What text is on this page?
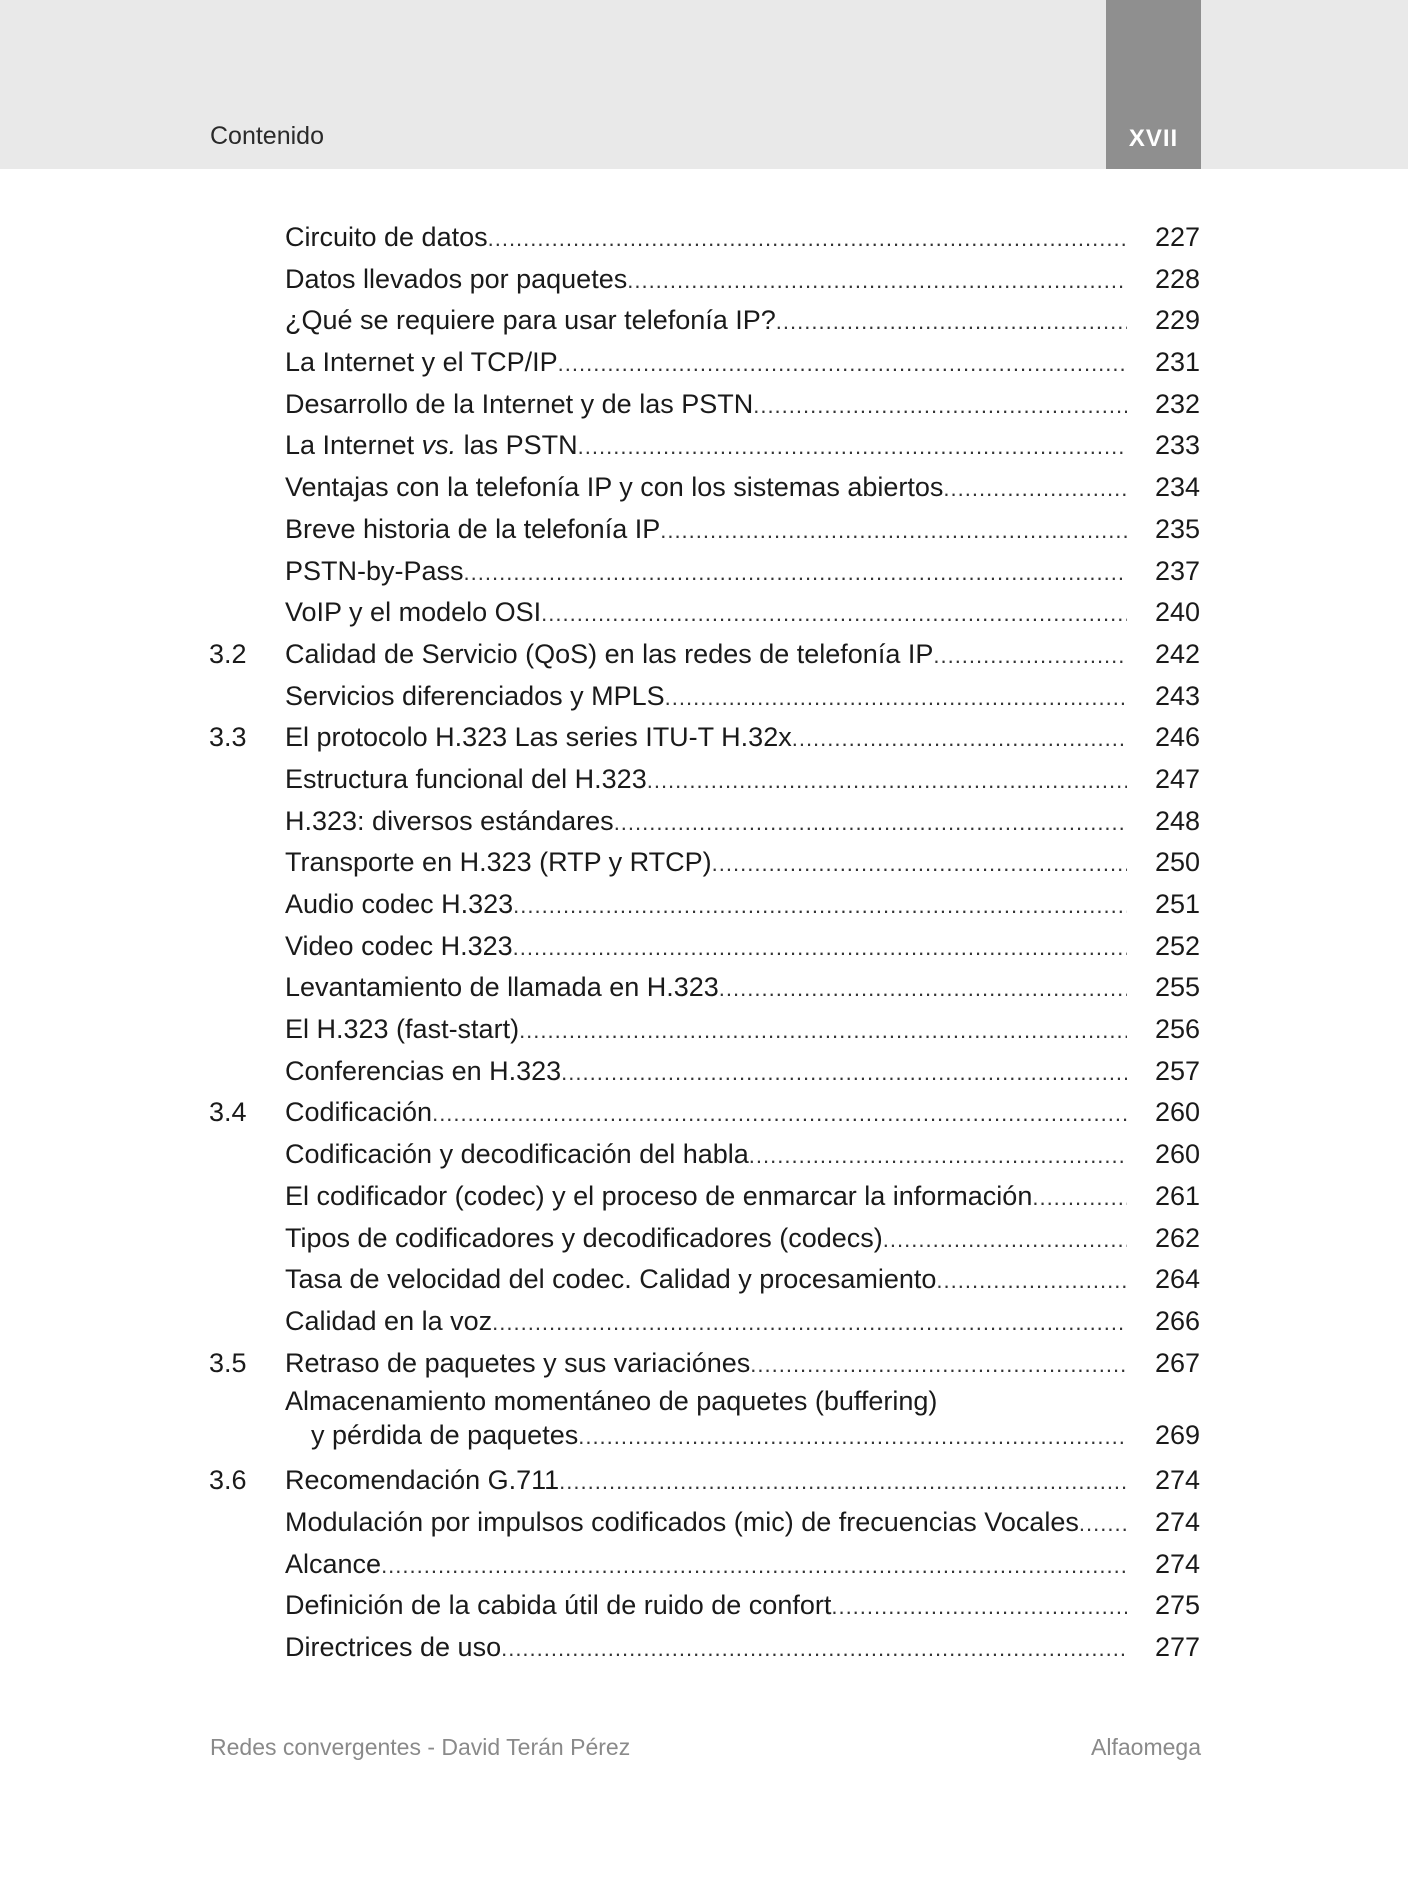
Contenido	XVII
Circuito de datos .....	227
Datos llevados por paquetes .....	228
¿Qué se requiere para usar telefonía IP? .....	229
La Internet y el TCP/IP .....	231
Desarrollo de la Internet y de las PSTN .....	232
La Internet vs. las PSTN .....	233
Ventajas con la telefonía IP y con los sistemas abiertos .....	234
Breve historia de la telefonía IP .....	235
PSTN-by-Pass .....	237
VoIP y el modelo OSI .....	240
3.2 Calidad de Servicio (QoS) en las redes de telefonía IP .....	242
Servicios diferenciados y MPLS .....	243
3.3 El protocolo H.323 Las series ITU-T H.32x .....	246
Estructura funcional del H.323 .....	247
H.323: diversos estándares .....	248
Transporte en H.323 (RTP y RTCP) .....	250
Audio codec H.323 .....	251
Video codec H.323 .....	252
Levantamiento de llamada en H.323 .....	255
El H.323 (fast-start) .....	256
Conferencias en H.323 .....	257
3.4 Codificación .....	260
Codificación y decodificación del habla .....	260
El codificador (codec) y el proceso de enmarcar la información .....	261
Tipos de codificadores y decodificadores (codecs) .....	262
Tasa de velocidad del codec. Calidad y procesamiento .....	264
Calidad en la voz .....	266
3.5 Retraso de paquetes y sus variaciónes .....	267
Almacenamiento momentáneo de paquetes (buffering)
y pérdida de paquetes .....	269
3.6 Recomendación G.711 .....	274
Modulación por impulsos codificados (mic) de frecuencias Vocales .....	274
Alcance .....	274
Definición de la cabida útil de ruido de confort .....	275
Directrices de uso .....	277
Redes convergentes - David Terán Pérez	Alfaomega
